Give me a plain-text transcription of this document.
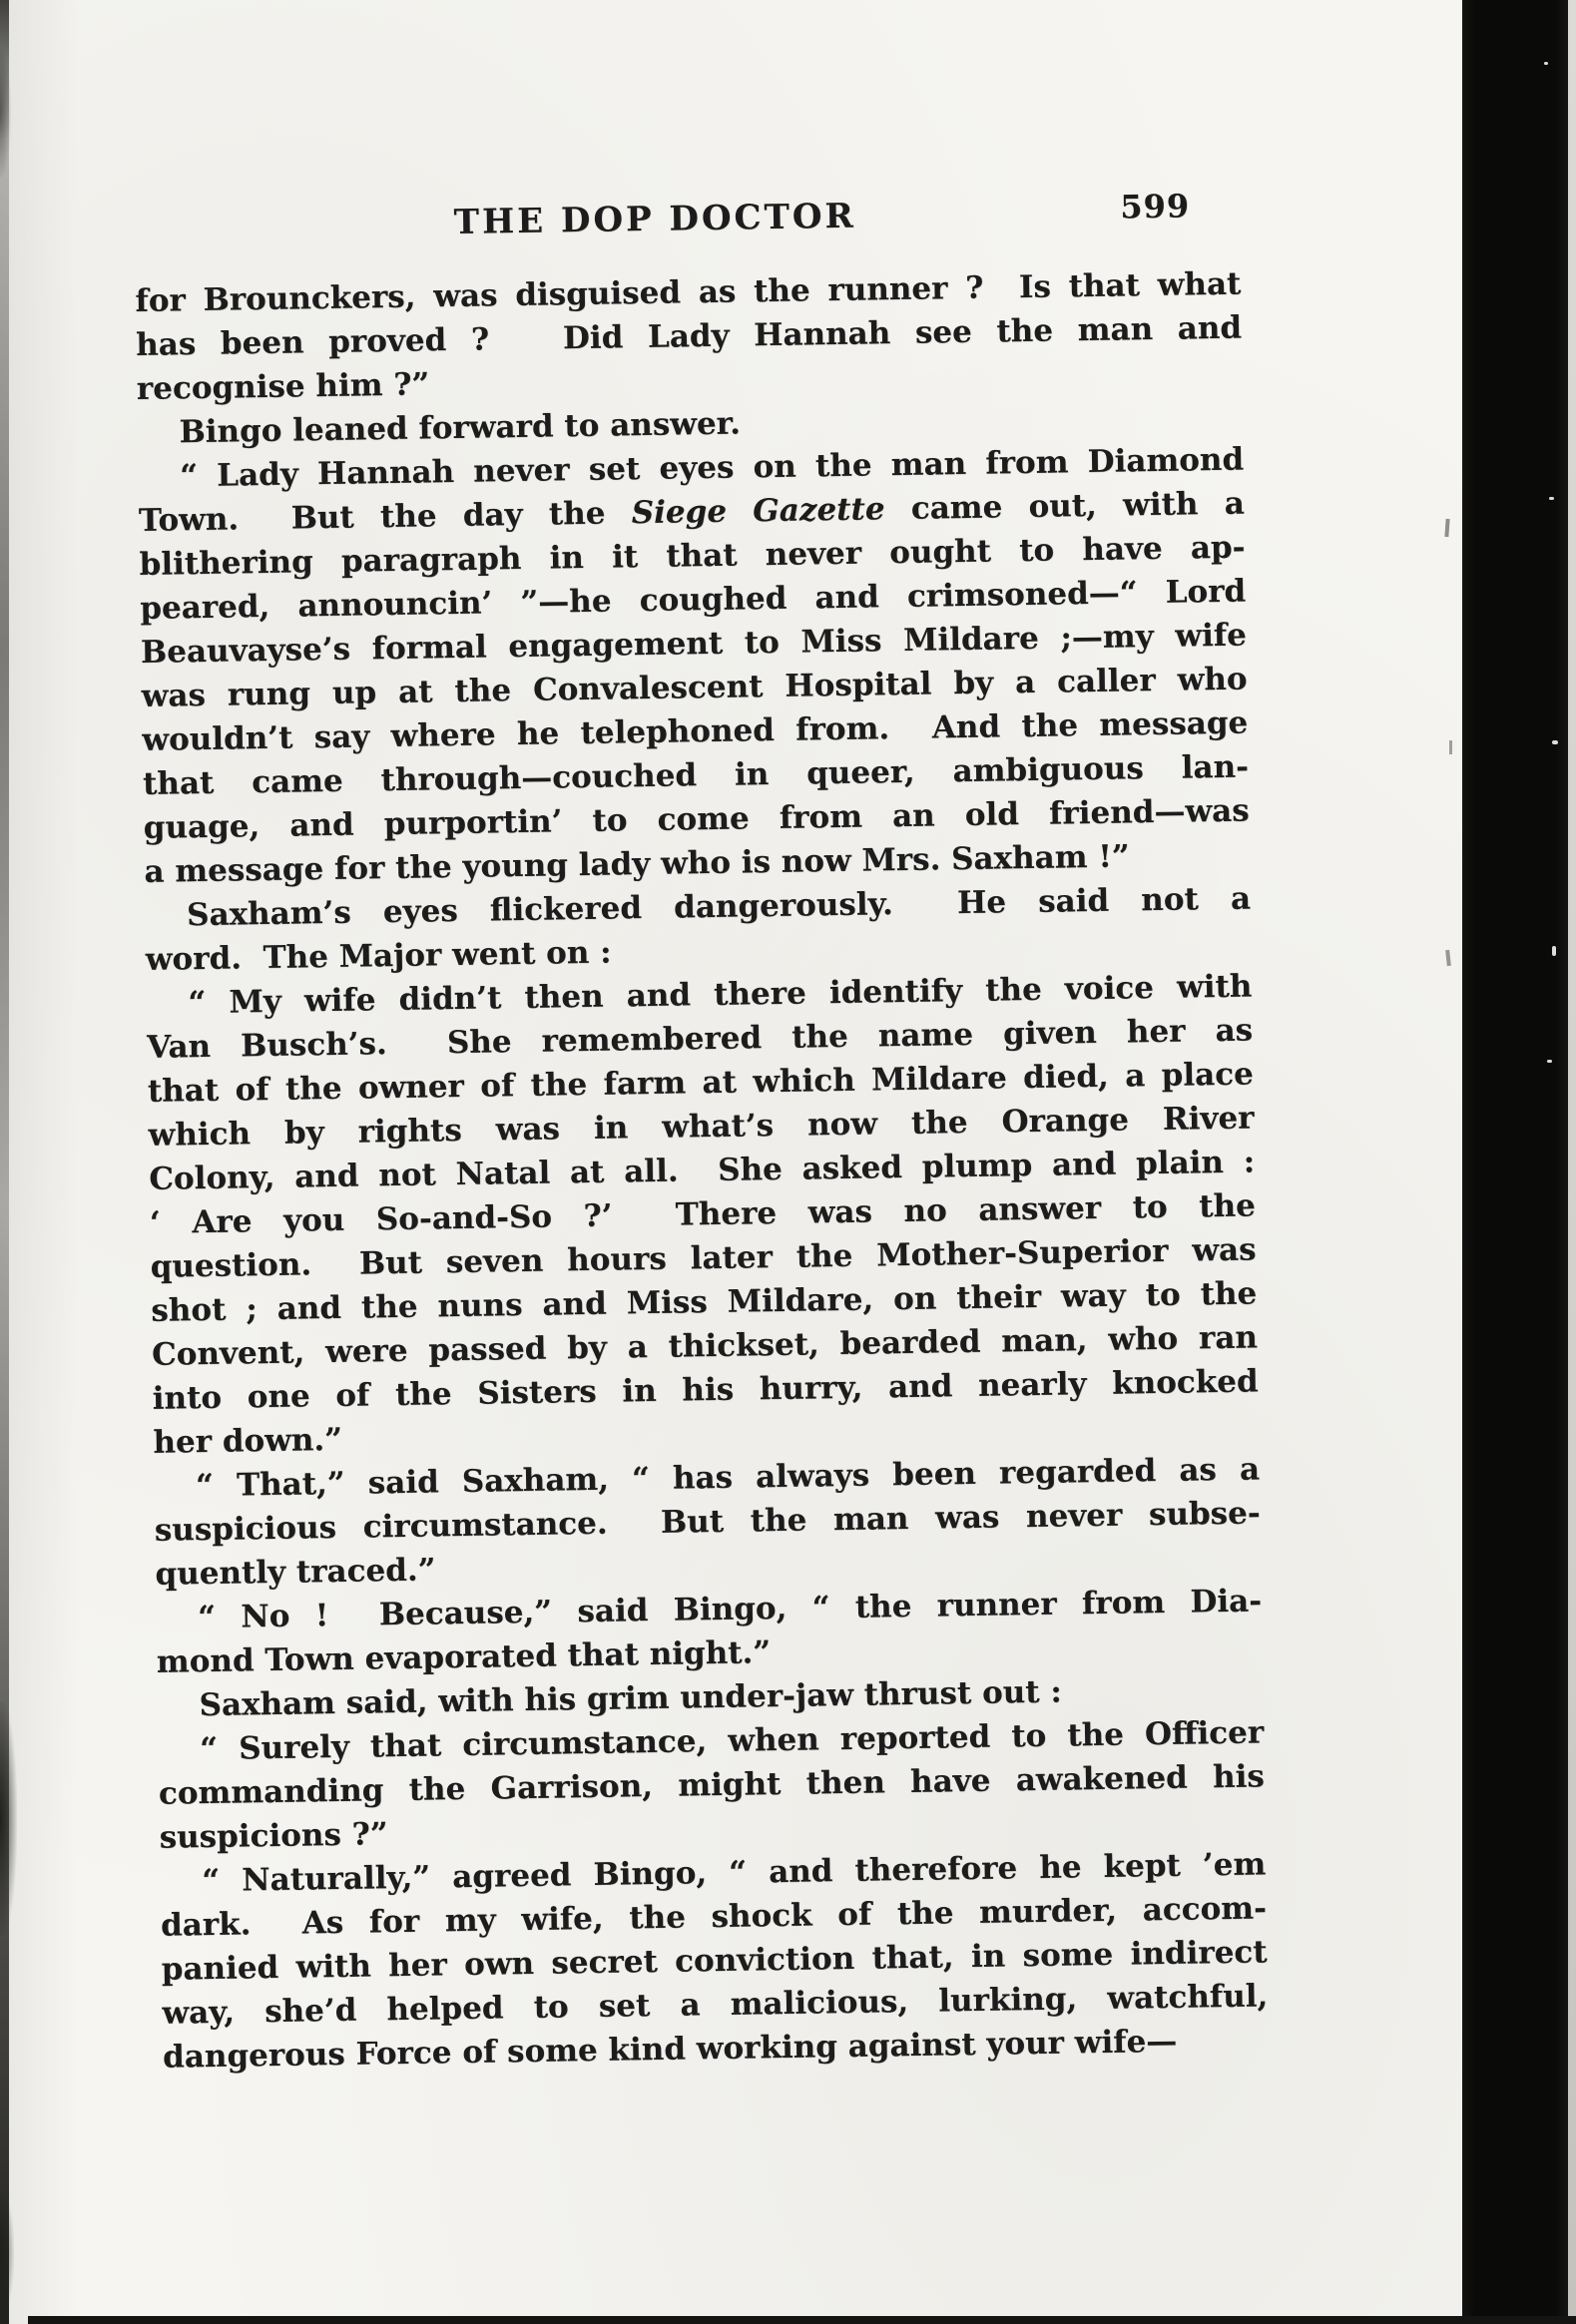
THE DOP DOCTOR	599
for Brounckers, was disguised as the runner ?  Is that what
has been proved ?   Did Lady Hannah see the man and
recognise him ?”
Bingo leaned forward to answer.
“ Lady Hannah never set eyes on the man from Diamond
Town.  But the day the Siege Gazette came out, with a
blithering paragraph in it that never ought to have ap-
peared, announcin’ ”—he coughed and crimsoned—“ Lord
Beauvayse’s formal engagement to Miss Mildare ;—my wife
was rung up at the Convalescent Hospital by a caller who
wouldn’t say where he telephoned from.  And the message
that came through—couched in queer, ambiguous lan-
guage, and purportin’ to come from an old friend—was
a message for the young lady who is now Mrs. Saxham !”
Saxham’s eyes flickered dangerously.  He said not a
word.  The Major went on :
“ My wife didn’t then and there identify the voice with
Van Busch’s.  She remembered the name given her as
that of the owner of the farm at which Mildare died, a place
which by rights was in what’s now the Orange River
Colony, and not Natal at all.  She asked plump and plain :
‘ Are you So-and-So ?’  There was no answer to the
question.  But seven hours later the Mother-Superior was
shot ; and the nuns and Miss Mildare, on their way to the
Convent, were passed by a thickset, bearded man, who ran
into one of the Sisters in his hurry, and nearly knocked
her down.”
“ That,” said Saxham, “ has always been regarded as a
suspicious circumstance.  But the man was never subse-
quently traced.”
“ No !  Because,” said Bingo, “ the runner from Dia-
mond Town evaporated that night.”
Saxham said, with his grim under-jaw thrust out :
“ Surely that circumstance, when reported to the Officer
commanding the Garrison, might then have awakened his
suspicions ?”
“ Naturally,” agreed Bingo, “ and therefore he kept ’em
dark.  As for my wife, the shock of the murder, accom-
panied with her own secret conviction that, in some indirect
way, she’d helped to set a malicious, lurking, watchful,
dangerous Force of some kind working against your wife—
